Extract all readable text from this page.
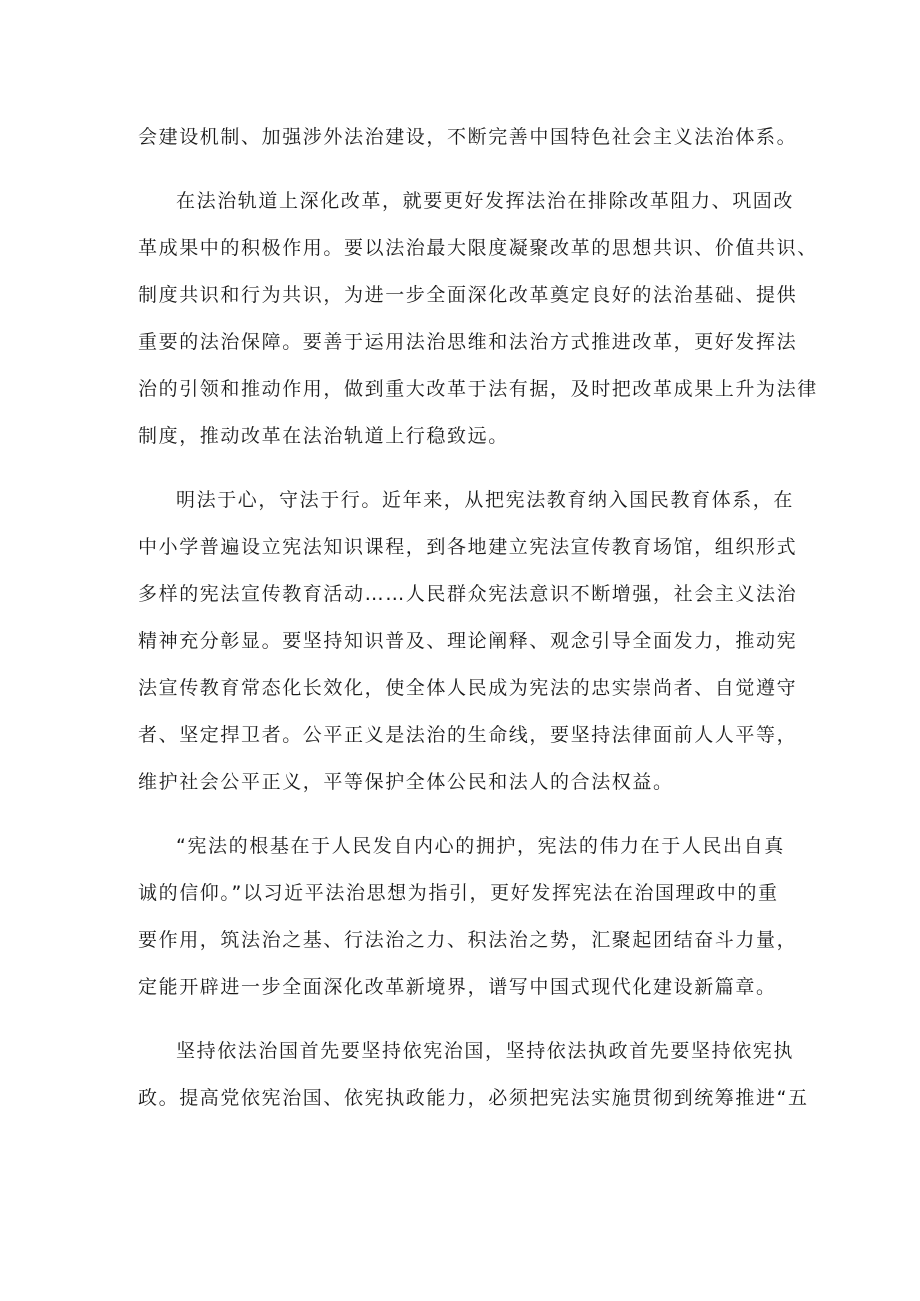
会建设机制、加强涉外法治建设，不断完善中国特色社会主义法治体系。

在法治轨道上深化改革，就要更好发挥法治在排除改革阻力、巩固改

革成果中的积极作用。要以法治最大限度凝聚改革的思想共识、价值共识、

制度共识和行为共识，为进一步全面深化改革奠定良好的法治基础、提供

重要的法治保障。要善于运用法治思维和法治方式推进改革，更好发挥法

治的引领和推动作用，做到重大改革于法有据，及时把改革成果上升为法律

制度，推动改革在法治轨道上行稳致远。

明法于心，守法于行。近年来，从把宪法教育纳入国民教育体系，在

中小学普遍设立宪法知识课程，到各地建立宪法宣传教育场馆，组织形式

多样的宪法宣传教育活动……人民群众宪法意识不断增强，社会主义法治

精神充分彰显。要坚持知识普及、理论阐释、观念引导全面发力，推动宪

法宣传教育常态化长效化，使全体人民成为宪法的忠实崇尚者、自觉遵守

者、坚定捍卫者。公平正义是法治的生命线，要坚持法律面前人人平等，

维护社会公平正义，平等保护全体公民和法人的合法权益。

“宪法的根基在于人民发自内心的拥护，宪法的伟力在于人民出自真

诚的信仰。”以习近平法治思想为指引，更好发挥宪法在治国理政中的重

要作用，筑法治之基、行法治之力、积法治之势，汇聚起团结奋斗力量，

定能开辟进一步全面深化改革新境界，谱写中国式现代化建设新篇章。

坚持依法治国首先要坚持依宪治国，坚持依法执政首先要坚持依宪执

政。提高党依宪治国、依宪执政能力，必须把宪法实施贯彻到统筹推进“五
